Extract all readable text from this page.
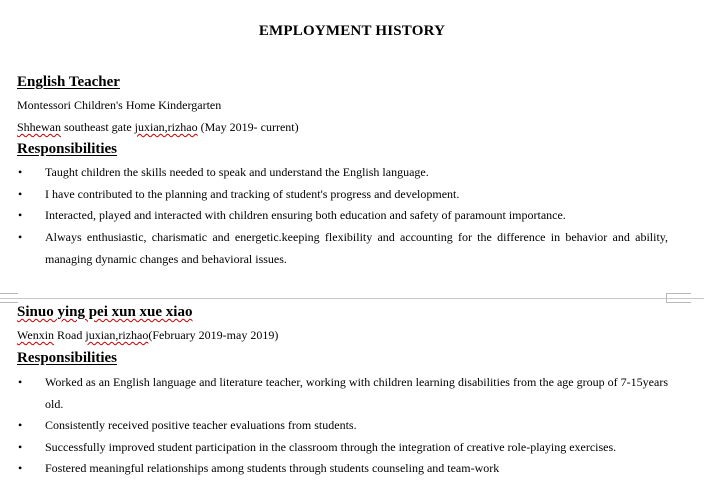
EMPLOYMENT HISTORY
English Teacher
Montessori Children's Home Kindergarten
Shhewan southeast gate juxian,rizhao (May 2019- current)
Responsibilities
• Taught children the skills needed to speak and understand the English language.
• I have contributed to the planning and tracking of student's progress and development.
• Interacted, played and interacted with children ensuring both education and safety of paramount importance.
• Always enthusiastic, charismatic and energetic.keeping flexibility and accounting for the difference in behavior and ability, managing dynamic changes and behavioral issues.
Sinuo ying pei xun xue xiao
Wenxin Road juxian,rizhao(February 2019-may 2019)
Responsibilities
• Worked as an English language and literature teacher, working with children learning disabilities from the age group of 7-15years old.
• Consistently received positive teacher evaluations from students.
• Successfully improved student participation in the classroom through the integration of creative role-playing exercises.
• Fostered meaningful relationships among students through students counseling and team-work
